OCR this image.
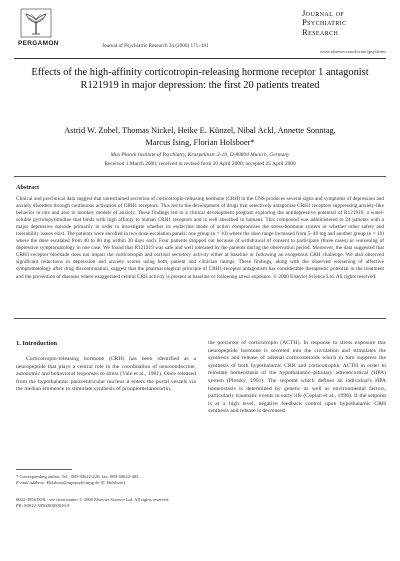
PERGAMON	Journal of Psychiatric Research 34 (2000) 171–181
Journal of
Psychiatric
Research
www.elsevier.com/locate/jpsychires
Effects of the high-affinity corticotropin-releasing hormone receptor 1 antagonist R121919 in major depression: the first 20 patients treated
Astrid W. Zobel, Thomas Nickel, Heike E. Künzel, Nibal Ackl, Annette Sonntag,
Marcus Ising, Florian Holsboer*
Max Planck Institute of Psychiatry, Kraepelinstr. 2-10, D-80804 Munich, Germany
Received 1 March 2000; received in revised form 20 April 2000; accepted 25 April 2000
Abstract
Clinical and preclinical data suggest that unrestrained secretion of corticotropin-releasing hormone (CRH) in the CNS produces several signs and symptoms of depression and anxiety disorders through continuous activation of CRH1 receptors. This led to the development of drugs that selectively antagonize CRH1 receptors suppressing anxiety-like behavior in rats and also in monkey models of anxiety. These findings led to a clinical development program exploring the antidepressive potential of R121919, a water-soluble pyrrolopyrimidine that binds with high affinity to human CRH1 receptors and is well absorbed in humans. This compound was administered to 24 patients with a major depressive episode primarily in order to investigate whether its endocrine mode of action compromises the stress-hormone system or whether other safety and tolerability issues exist. The patients were enrolled in two dose-escalation panels: one group (n = 10) where the dose range increased from 5–40 mg and another group (n = 10) where the dose escalated from 40 to 80 mg within 30 days each. Four patients dropped out because of withdrawal of consent to participate (three cases) or worsening of depressive symptomatology in one case. We found that R121919 was safe and well tolerated by the patients during the observation period. Moreover, the data suggested that CRH1-receptor blockade does not impair the corticotropin and cortisol secretory activity either at baseline or following an exogenous CRH challenge. We also observed significant reductions in depression and anxiety scores using both, patient and clinician ratings. These findings, along with the observed worsening of affective symptomatology after drug discontinuation, suggest that the pharmacological principle of CRH1-receptor antagonism has considerable therapeutic potential in the treatment and the prevention of diseases where exaggerated central CRH activity is present at baseline or following stress exposure. © 2000 Elsevier Science Ltd. All rights reserved.
1. Introduction

Corticotropin-releasing hormone (CRH) has been identified as a neuropeptide that plays a central role in the coordination of neuroendocrine, autonomic and behavioral responses to stress (Vale et al., 1981). Once released from the hypothalamic paraventricular nucleus it enters the portal vessels via the median eminence to stimulate synthesis of proopiomelanocortin,

the precursor of corticotropin (ACTH). In response to stress exposure this neuropeptide hormone is secreted into the circulation and stimulates the synthesis and release of adrenal corticosteroids which in turn suppress the synthesis of both hypothalamic CRH and corticotrophic ACTH in order to reinstate homeostasis of the hypothalamic–pituitary adrenocortical (HPA) system (Plotsky, 1991). The setpoint which defines an individual's HPA homeostasis is determined by genetic as well as environmental factors, particularly traumatic events in early life (Coplan et al., 1996). If the setpoint is at a high level, negative feedback control upon hypothalamic CRH synthesis and release is decreased.

* Corresponding author. Tel.: 089-30622-220; fax: 089-30622-483.
E-mail address: Holsboer@mpipsykl.mpg.de (F. Holsboer).
0022-3956/00/$ - see front matter © 2000 Elsevier Science Ltd. All rights reserved.
PII: S0022-3956(00)00016-9
